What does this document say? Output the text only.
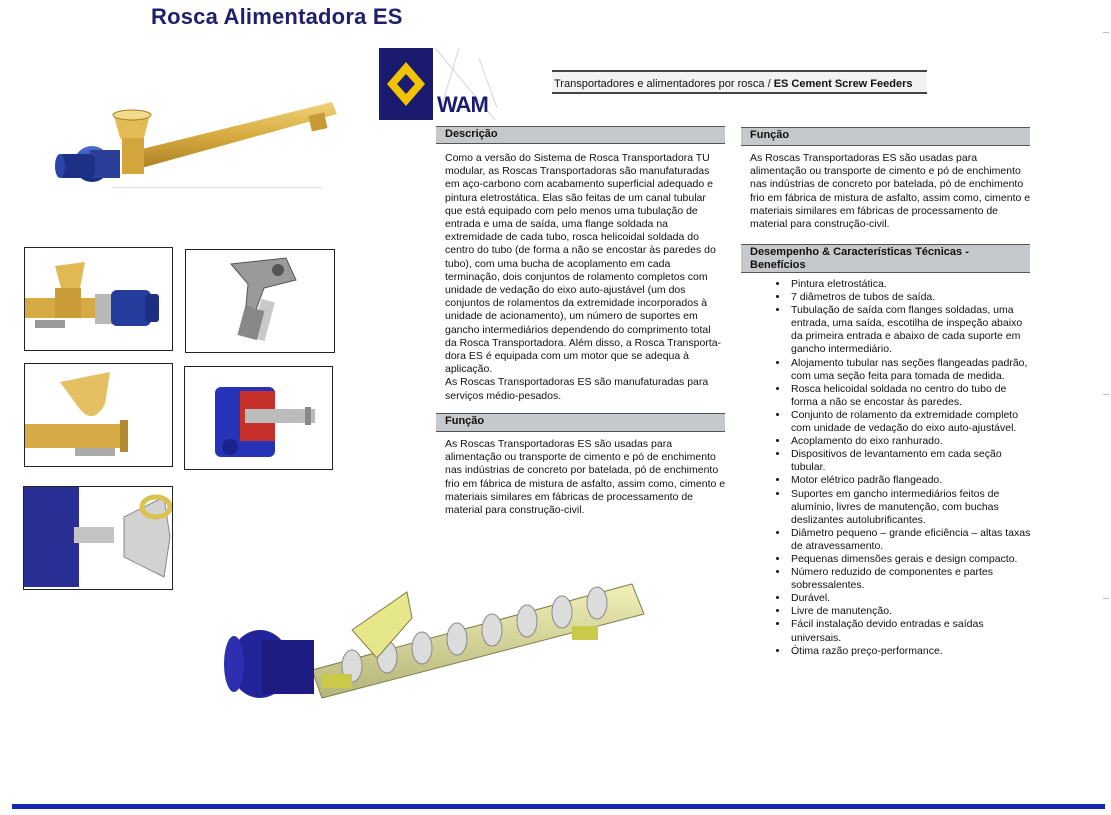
Rosca Alimentadora ES
WAM
Transportadores e alimentadores por rosca / ES Cement Screw Feeders
Descrição
Como a versão do Sistema de Rosca Transportadora TU modular, as Roscas Transportadoras são manufaturadas em aço-carbono com acabamento superficial adequado e pintura eletrostática. Elas são feitas de um canal tubular que está equipado com pelo menos uma tubulação de entrada e uma de saída, uma flange soldada na extremidade de cada tubo, rosca helicoidal soldada do centro do tubo (de forma a não se encostar às paredes do tubo), com uma bucha de acoplamento em cada terminação, dois conjuntos de rolamento completos com unidade de vedação do eixo auto-ajustável (um dos conjuntos de rolamentos da extremidade incorporados à unidade de acionamento), um número de suportes em gancho intermediários dependendo do comprimento total da Rosca Transportadora. Além disso, a Rosca Transporta-dora ES é equipada com um motor que se adequa à aplicação.
As Roscas Transportadoras ES são manufaturadas para serviços médio-pesados.
Função
As Roscas Transportadoras ES são usadas para alimentação ou transporte de cimento e pó de enchimento nas indústrias de concreto por batelada, pó de enchimento frio em fábrica de mistura de asfalto, assim como, cimento e materiais similares em fábricas de processamento de material para construção-civil.
Função
As Roscas Transportadoras ES são usadas para alimentação ou transporte de cimento e pó de enchimento nas indústrias de concreto por batelada, pó de enchimento frio em fábrica de mistura de asfalto, assim como, cimento e materiais similares em fábricas de processamento de material para construção-civil.
Desempenho & Características Técnicas -
Benefícios
• Pintura eletrostática.
• 7 diâmetros de tubos de saída.
• Tubulação de saída com flanges soldadas, uma entrada, uma saída, escotilha de inspeção abaixo da primeira entrada e abaixo de cada suporte em gancho intermediário.
• Alojamento tubular nas seções flangeadas padrão, com uma seção feita para tomada de medida.
• Rosca helicoidal soldada no centro do tubo de forma a não se encostar às paredes.
• Conjunto de rolamento da extremidade completo com unidade de vedação do eixo auto-ajustável.
• Acoplamento do eixo ranhurado.
• Dispositivos de levantamento em cada seção tubular.
• Motor elétrico padrão flangeado.
• Suportes em gancho intermediários feitos de alumínio, livres de manutenção, com buchas deslizantes autolubrificantes.
• Diâmetro pequeno – grande eficiência – altas taxas de atravessamento.
• Pequenas dimensões gerais e design compacto.
• Número reduzido de componentes e partes sobressalentes.
• Durável.
• Livre de manutenção.
• Fácil instalação devido entradas e saídas universais.
• Ótima razão preço-performance.
